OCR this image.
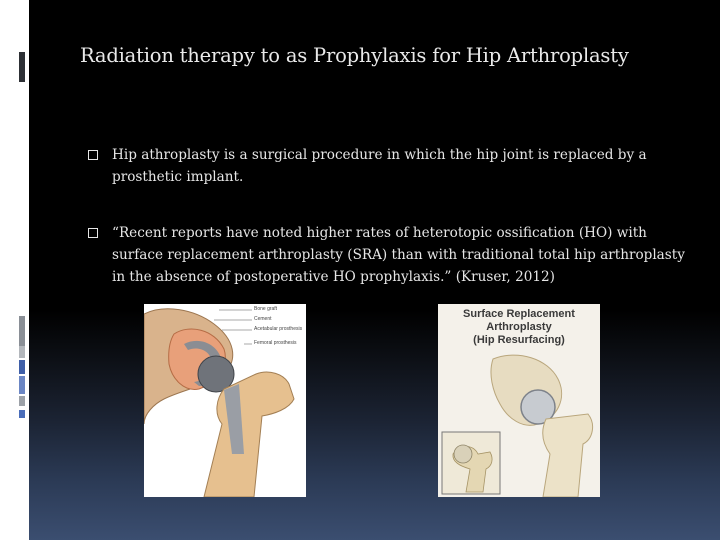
Radiation therapy to as Prophylaxis for Hip Arthroplasty
Hip athroplasty is a surgical procedure in which the hip joint is replaced by a prosthetic implant.
“Recent reports have noted higher rates of heterotopic ossification (HO) with surface replacement arthroplasty (SRA) than with traditional total hip arthroplasty in the absence of postoperative HO prophylaxis.” (Kruser, 2012)
Bone graft
Cement
Acetabular prosthesis
Femoral prosthesis
Surface Replacement
Arthroplasty
(Hip Resurfacing)
